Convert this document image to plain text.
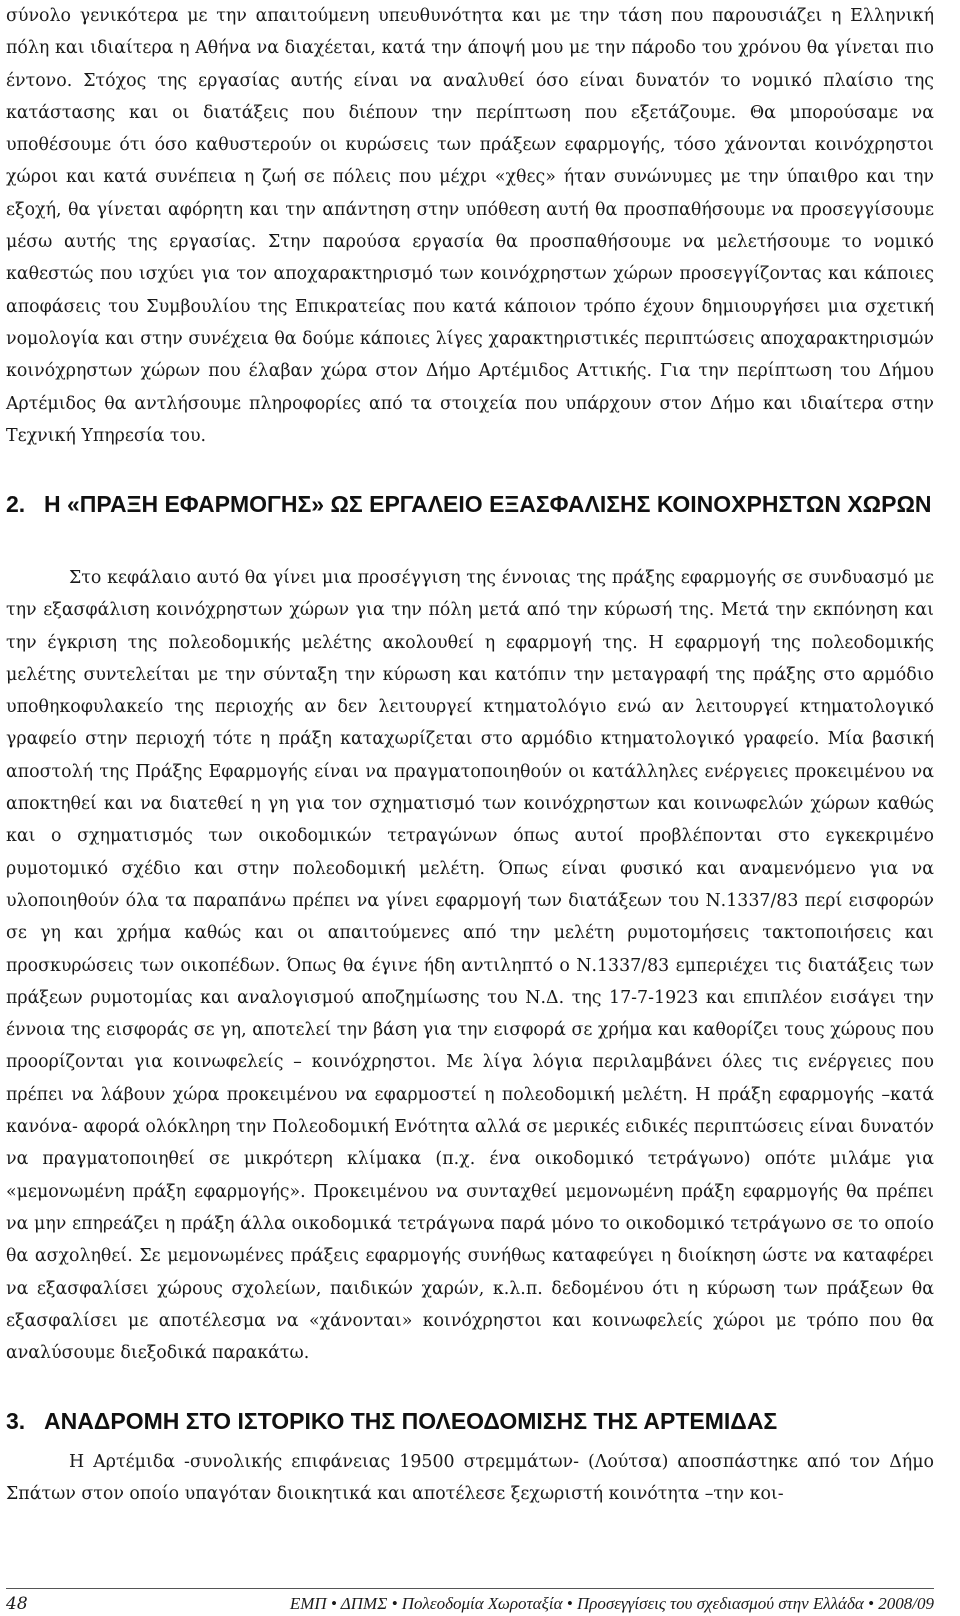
σύνολο γενικότερα με την απαιτούμενη υπευθυνότητα και με την τάση που παρουσιάζει η Ελληνική πόλη και ιδιαίτερα η Αθήνα να διαχέεται, κατά την άποψή μου με την πάροδο του χρόνου θα γίνεται πιο έντονο. Στόχος της εργασίας αυτής είναι να αναλυθεί όσο είναι δυνατόν το νομικό πλαίσιο της κατάστασης και οι διατάξεις που διέπουν την περίπτωση που εξετάζουμε. Θα μπορούσαμε να υποθέσουμε ότι όσο καθυστερούν οι κυρώσεις των πράξεων εφαρμογής, τόσο χάνονται κοινόχρηστοι χώροι και κατά συνέπεια η ζωή σε πόλεις που μέχρι «χθες» ήταν συνώνυμες με την ύπαιθρο και την εξοχή, θα γίνεται αφόρητη και την απάντηση στην υπόθεση αυτή θα προσπαθήσουμε να προσεγγίσουμε μέσω αυτής της εργασίας. Στην παρούσα εργασία θα προσπαθήσουμε να μελετήσουμε το νομικό καθεστώς που ισχύει για τον αποχαρακτηρισμό των κοινόχρηστων χώρων προσεγγίζοντας και κάποιες αποφάσεις του Συμβουλίου της Επικρατείας που κατά κάποιον τρόπο έχουν δημιουργήσει μια σχετική νομολογία και στην συνέχεια θα δούμε κάποιες λίγες χαρακτηριστικές περιπτώσεις αποχαρακτηρισμών κοινόχρηστων χώρων που έλαβαν χώρα στον Δήμο Αρτέμιδος Αττικής. Για την περίπτωση του Δήμου Αρτέμιδος θα αντλήσουμε πληροφορίες από τα στοιχεία που υπάρχουν στον Δήμο και ιδιαίτερα στην Τεχνική Υπηρεσία του.

2. Η «ΠΡΑΞΗ ΕΦΑΡΜΟΓΗΣ» ΩΣ ΕΡΓΑΛΕΙΟ ΕΞΑΣΦΑΛΙΣΗΣ ΚΟΙΝΟΧΡΗΣΤΩΝ ΧΩΡΩΝ

Στο κεφάλαιο αυτό θα γίνει μια προσέγγιση της έννοιας της πράξης εφαρμογής σε συνδυασμό με την εξασφάλιση κοινόχρηστων χώρων για την πόλη μετά από την κύρωσή της. Μετά την εκπόνηση και την έγκριση της πολεοδομικής μελέτης ακολουθεί η εφαρμογή της. Η εφαρμογή της πολεοδομικής μελέτης συντελείται με την σύνταξη την κύρωση και κατόπιν την μεταγραφή της πράξης στο αρμόδιο υποθηκοφυλακείο της περιοχής αν δεν λειτουργεί κτηματολόγιο ενώ αν λειτουργεί κτηματολογικό γραφείο στην περιοχή τότε η πράξη καταχωρίζεται στο αρμόδιο κτηματολογικό γραφείο. Μία βασική αποστολή της Πράξης Εφαρμογής είναι να πραγματοποιηθούν οι κατάλληλες ενέργειες προκειμένου να αποκτηθεί και να διατεθεί η γη για τον σχηματισμό των κοινόχρηστων και κοινωφελών χώρων καθώς και ο σχηματισμός των οικοδομικών τετραγώνων όπως αυτοί προβλέπονται στο εγκεκριμένο ρυμοτομικό σχέδιο και στην πολεοδομική μελέτη. Όπως είναι φυσικό και αναμενόμενο για να υλοποιηθούν όλα τα παραπάνω πρέπει να γίνει εφαρμογή των διατάξεων του Ν.1337/83 περί εισφορών σε γη και χρήμα καθώς και οι απαιτούμενες από την μελέτη ρυμοτομήσεις τακτοποιήσεις και προσκυρώσεις των οικοπέδων. Όπως θα έγινε ήδη αντιληπτό ο Ν.1337/83 εμπεριέχει τις διατάξεις των πράξεων ρυμοτομίας και αναλογισμού αποζημίωσης του Ν.Δ. της 17-7-1923 και επιπλέον εισάγει την έννοια της εισφοράς σε γη, αποτελεί την βάση για την εισφορά σε χρήμα και καθορίζει τους χώρους που προορίζονται για κοινωφελείς – κοινόχρηστοι. Με λίγα λόγια περιλαμβάνει όλες τις ενέργειες που πρέπει να λάβουν χώρα προκειμένου να εφαρμοστεί η πολεοδομική μελέτη. Η πράξη εφαρμογής –κατά κανόνα- αφορά ολόκληρη την Πολεοδομική Ενότητα αλλά σε μερικές ειδικές περιπτώσεις είναι δυνατόν να πραγματοποιηθεί σε μικρότερη κλίμακα (π.χ. ένα οικοδομικό τετράγωνο) οπότε μιλάμε για «μεμονωμένη πράξη εφαρμογής». Προκειμένου να συνταχθεί μεμονωμένη πράξη εφαρμογής θα πρέπει να μην επηρεάζει η πράξη άλλα οικοδομικά τετράγωνα παρά μόνο το οικοδομικό τετράγωνο σε το οποίο θα ασχοληθεί. Σε μεμονωμένες πράξεις εφαρμογής συνήθως καταφεύγει η διοίκηση ώστε να καταφέρει να εξασφαλίσει χώρους σχολείων, παιδικών χαρών, κ.λ.π. δεδομένου ότι η κύρωση των πράξεων θα εξασφαλίσει με αποτέλεσμα να «χάνονται» κοινόχρηστοι και κοινωφελείς χώροι με τρόπο που θα αναλύσουμε διεξοδικά παρακάτω.

3. ΑΝΑΔΡΟΜΗ ΣΤΟ ΙΣΤΟΡΙΚΟ ΤΗΣ ΠΟΛΕΟΔΟΜΙΣΗΣ ΤΗΣ ΑΡΤΕΜΙΔΑΣ

Η Αρτέμιδα -συνολικής επιφάνειας 19500 στρεμμάτων- (Λούτσα) αποσπάστηκε από τον Δήμο Σπάτων στον οποίο υπαγόταν διοικητικά και αποτέλεσε ξεχωριστή κοινότητα –την κοι-

48	ΕΜΠ • ΔΠΜΣ • Πολεοδομία Χωροταξία • Προσεγγίσεις του σχεδιασμού στην Ελλάδα • 2008/09
